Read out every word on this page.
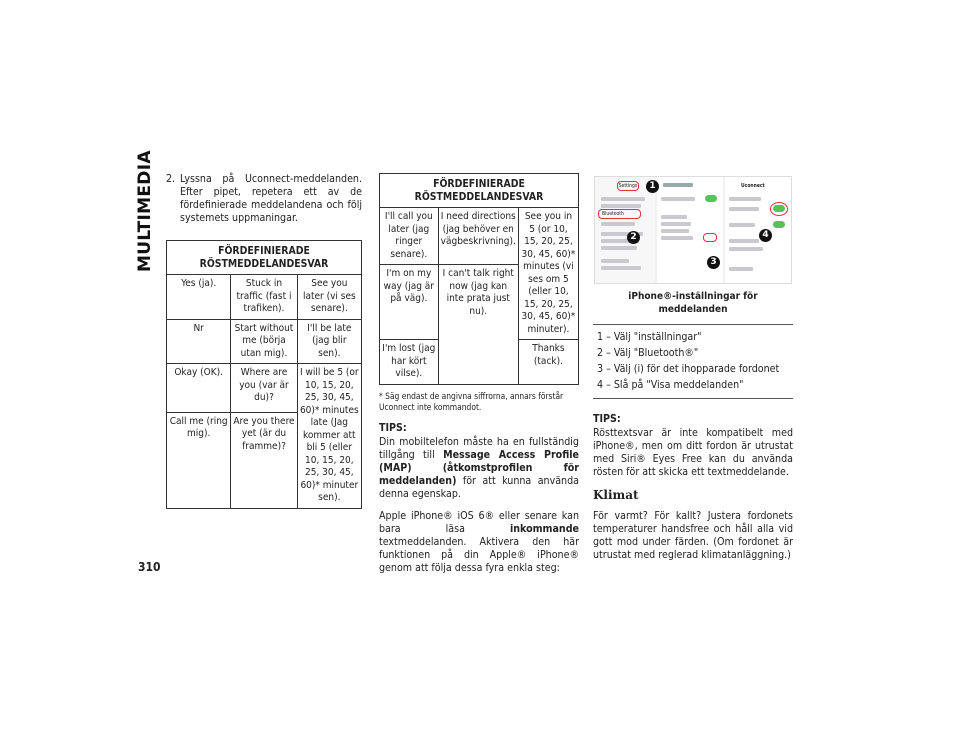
MULTIMEDIA
310
2. Lyssna på Uconnect-meddelanden. Efter pipet, repetera ett av de fördefinierade meddelandena och följ systemets uppmaningar.
FÖRDEFINIERADE RÖSTMEDDELANDESVAR		
Yes (ja).	Stuck in traffic (fast i trafiken).	See you later (vi ses senare).
Nr	Start without me (börja utan mig).	I'll be late (jag blir sen).
Okay (OK).	Where are you (var är du)?	I will be 5 (or 10, 15, 20, 25, 30, 45, 60)* minutes late (Jag kommer att bli 5 (eller 10, 15, 20, 25, 30, 45, 60)* minuter sen).
Call me (ring mig).	Are you there yet (är du framme)?	
FÖRDEFINIERADE RÖSTMEDDELANDESVAR		
I'll call you later (jag ringer senare).	I need directions (jag behöver en vägbeskrivning).	See you in 5 (or 10, 15, 20, 25, 30, 45, 60)* minutes (vi ses om 5 (eller 10, 15, 20, 25, 30, 45, 60)* minuter).
I'm on my way (jag är på väg).	I can't talk right now (jag kan inte prata just nu).	
I'm lost (jag har kört vilse).		Thanks (tack).
* Säg endast de angivna siffrorna, annars förstår Uconnect inte kommandot.
TIPS:

Din mobiltelefon måste ha en fullständig tillgång till Message Access Profile (MAP) (åtkomstprofilen för meddelanden) för att kunna använda denna egenskap.

Apple iPhone® iOS 6® eller senare kan bara läsa inkommande textmeddelanden. Aktivera den här funktionen på din Apple® iPhone® genom att följa dessa fyra enkla steg:

Settings
Bluetooth
Uconnect
1
2
3
4
iPhone®-inställningar för meddelanden
1 – Välj "inställningar"
2 – Välj "Bluetooth®"
3 – Välj (i) för det ihopparade fordonet
4 – Slå på "Visa meddelanden"
TIPS:

Rösttextsvar är inte kompatibelt med iPhone®, men om ditt fordon är utrustat med Siri® Eyes Free kan du använda rösten för att skicka ett textmeddelande.

Klimat

För varmt? För kallt? Justera fordonets temperaturer handsfree och håll alla vid gott mod under färden. (Om fordonet är utrustat med reglerad klimatanläggning.)
